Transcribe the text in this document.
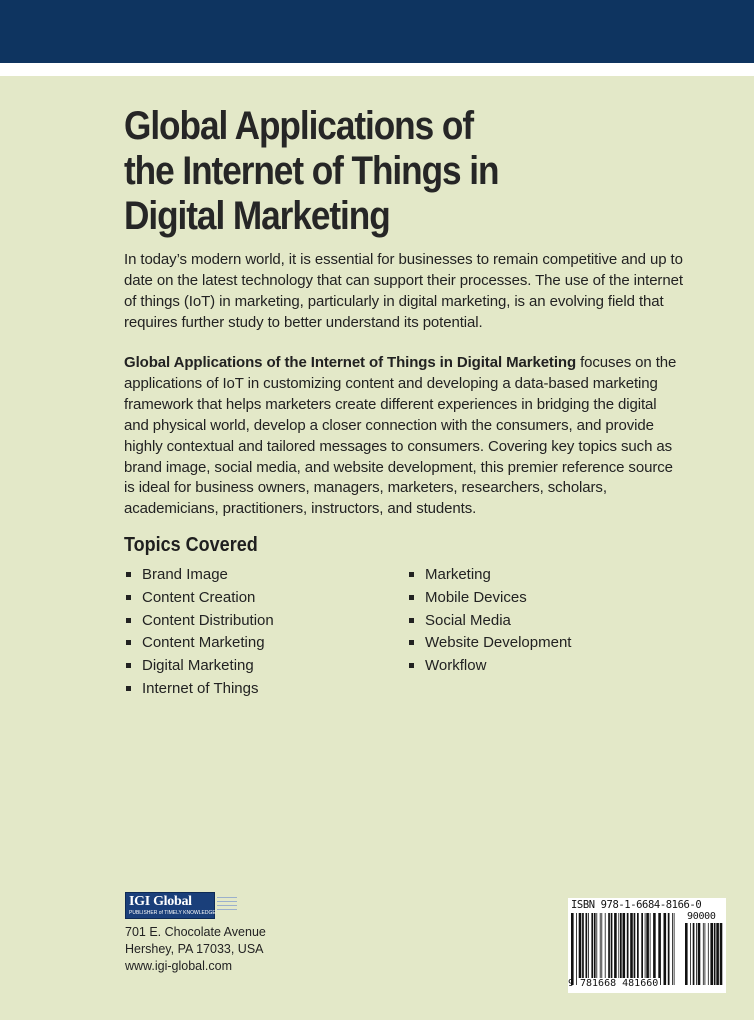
Global Applications of
the Internet of Things in
Digital Marketing

In today’s modern world, it is essential for businesses to remain competitive and up to date on the latest technology that can support their processes. The use of the internet of things (IoT) in marketing, particularly in digital marketing, is an evolving field that requires further study to better understand its potential.

Global Applications of the Internet of Things in Digital Marketing focuses on the applications of IoT in customizing content and developing a data-based marketing framework that helps marketers create different experiences in bridging the digital and physical world, develop a closer connection with the consumers, and provide highly contextual and tailored messages to consumers. Covering key topics such as brand image, social media, and website development, this premier reference source is ideal for business owners, managers, marketers, researchers, scholars, academicians, practitioners, instructors, and students.

Topics Covered
Brand Image
Content Creation
Content Distribution
Content Marketing
Digital Marketing
Internet of Things
Marketing
Mobile Devices
Social Media
Website Development
Workflow
IGI Global
PUBLISHER of TIMELY KNOWLEDGE

701 E. Chocolate Avenue
Hershey, PA 17033, USA
www.igi-global.com

ISBN 978-1-6684-8166-0
90000
9 781668 481660
